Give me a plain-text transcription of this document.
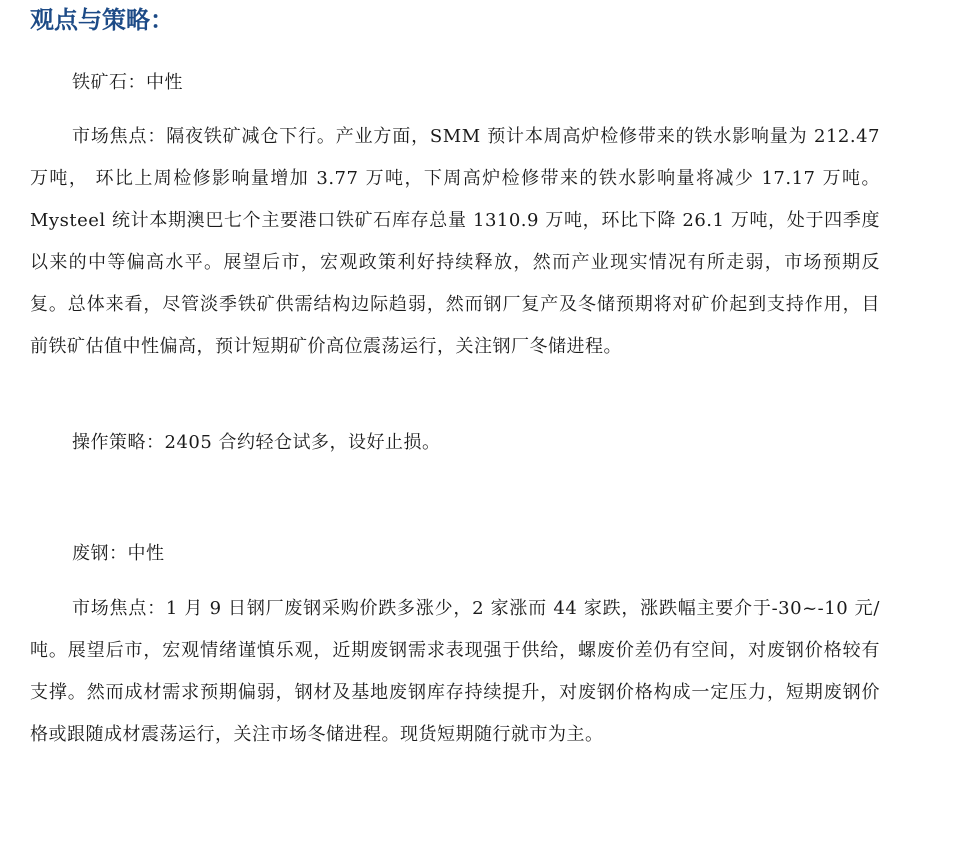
观点与策略：

铁矿石：中性

市场焦点：隔夜铁矿减仓下行。产业方面，SMM 预计本周高炉检修带来的铁水影响量为 212.47 万吨， 环比上周检修影响量增加 3.77 万吨，下周高炉检修带来的铁水影响量将减少 17.17 万吨。Mysteel 统计本期澳巴七个主要港口铁矿石库存总量 1310.9 万吨，环比下降 26.1 万吨，处于四季度以来的中等偏高水平。展望后市，宏观政策利好持续释放，然而产业现实情况有所走弱，市场预期反复。总体来看，尽管淡季铁矿供需结构边际趋弱，然而钢厂复产及冬储预期将对矿价起到支持作用，目前铁矿估值中性偏高，预计短期矿价高位震荡运行，关注钢厂冬储进程。

操作策略：2405 合约轻仓试多，设好止损。

废钢：中性

市场焦点：1 月 9 日钢厂废钢采购价跌多涨少，2 家涨而 44 家跌，涨跌幅主要介于-30~-10 元/吨。展望后市，宏观情绪谨慎乐观，近期废钢需求表现强于供给，螺废价差仍有空间，对废钢价格较有支撑。然而成材需求预期偏弱，钢材及基地废钢库存持续提升，对废钢价格构成一定压力，短期废钢价格或跟随成材震荡运行，关注市场冬储进程。现货短期随行就市为主。
